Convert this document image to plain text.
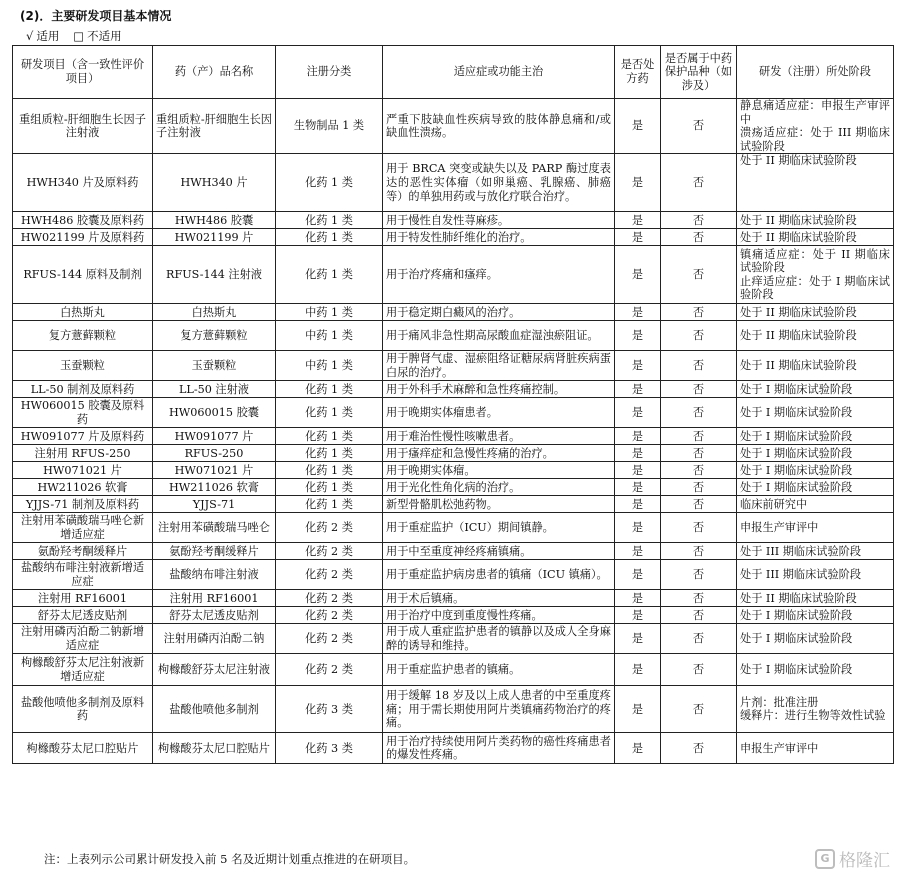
(2)．主要研发项目基本情况
√ 适用 □ 不适用
研发项目（含一致性评价项目）	药（产）品名称	注册分类	适应症或功能主治	是否处方药	是否属于中药保护品种（如涉及）	研发（注册）所处阶段
重组质粒-肝细胞生长因子注射液	重组质粒-肝细胞生长因子注射液	生物制品 1 类	严重下肢缺血性疾病导致的肢体静息痛和/或缺血性溃疡。	是	否	静息痛适应症：申报生产审评中
溃疡适应症：处于 III 期临床试验阶段
HWH340 片及原料药	HWH340 片	化药 1 类	用于 BRCA 突变或缺失以及 PARP 酶过度表达的恶性实体瘤（如卵巢癌、乳腺癌、肺癌等）的单独用药或与放化疗联合治疗。	是	否	处于 II 期临床试验阶段
HWH486 胶囊及原料药	HWH486 胶囊	化药 1 类	用于慢性自发性荨麻疹。	是	否	处于 II 期临床试验阶段
HW021199 片及原料药	HW021199 片	化药 1 类	用于特发性肺纤维化的治疗。	是	否	处于 II 期临床试验阶段
RFUS-144 原料及制剂	RFUS-144 注射液	化药 1 类	用于治疗疼痛和瘙痒。	是	否	镇痛适应症：处于 II 期临床试验阶段
止痒适应症：处于 I 期临床试验阶段
白热斯丸	白热斯丸	中药 1 类	用于稳定期白癜风的治疗。	是	否	处于 II 期临床试验阶段
复方薏藓颗粒	复方薏藓颗粒	中药 1 类	用于痛风非急性期高尿酸血症湿浊瘀阻证。	是	否	处于 II 期临床试验阶段
玉蚕颗粒	玉蚕颗粒	中药 1 类	用于脾肾气虚、湿瘀阻络证糖尿病肾脏疾病蛋白尿的治疗。	是	否	处于 II 期临床试验阶段
LL-50 制剂及原料药	LL-50 注射液	化药 1 类	用于外科手术麻醉和急性疼痛控制。	是	否	处于 I 期临床试验阶段
HW060015 胶囊及原料药	HW060015 胶囊	化药 1 类	用于晚期实体瘤患者。	是	否	处于 I 期临床试验阶段
HW091077 片及原料药	HW091077 片	化药 1 类	用于难治性慢性咳嗽患者。	是	否	处于 I 期临床试验阶段
注射用 RFUS-250	RFUS-250	化药 1 类	用于瘙痒症和急慢性疼痛的治疗。	是	否	处于 I 期临床试验阶段
HW071021 片	HW071021 片	化药 1 类	用于晚期实体瘤。	是	否	处于 I 期临床试验阶段
HW211026 软膏	HW211026 软膏	化药 1 类	用于光化性角化病的治疗。	是	否	处于 I 期临床试验阶段
YJJS-71 制剂及原料药	YJJS-71	化药 1 类	新型骨骼肌松弛药物。	是	否	临床前研究中
注射用苯磺酸瑞马唑仑新增适应症	注射用苯磺酸瑞马唑仑	化药 2 类	用于重症监护（ICU）期间镇静。	是	否	申报生产审评中
氨酚羟考酮缓释片	氨酚羟考酮缓释片	化药 2 类	用于中至重度神经疼痛镇痛。	是	否	处于 III 期临床试验阶段
盐酸纳布啡注射液新增适应症	盐酸纳布啡注射液	化药 2 类	用于重症监护病房患者的镇痛（ICU 镇痛）。	是	否	处于 III 期临床试验阶段
注射用 RF16001	注射用 RF16001	化药 2 类	用于术后镇痛。	是	否	处于 II 期临床试验阶段
舒芬太尼透皮贴剂	舒芬太尼透皮贴剂	化药 2 类	用于治疗中度到重度慢性疼痛。	是	否	处于 I 期临床试验阶段
注射用磷丙泊酚二钠新增适应症	注射用磷丙泊酚二钠	化药 2 类	用于成人重症监护患者的镇静以及成人全身麻醉的诱导和维持。	是	否	处于 I 期临床试验阶段
枸橼酸舒芬太尼注射液新增适应症	枸橼酸舒芬太尼注射液	化药 2 类	用于重症监护患者的镇痛。	是	否	处于 I 期临床试验阶段
盐酸他喷他多制剂及原料药	盐酸他喷他多制剂	化药 3 类	用于缓解 18 岁及以上成人患者的中至重度疼痛；用于需长期使用阿片类镇痛药物治疗的疼痛。	是	否	片剂：批准注册
缓释片：进行生物等效性试验
枸橼酸芬太尼口腔贴片	枸橼酸芬太尼口腔贴片	化药 3 类	用于治疗持续使用阿片类药物的癌性疼痛患者的爆发性疼痛。	是	否	申报生产审评中
注：上表列示公司累计研发投入前 5 名及近期计划重点推进的在研项目。	G 格隆汇
